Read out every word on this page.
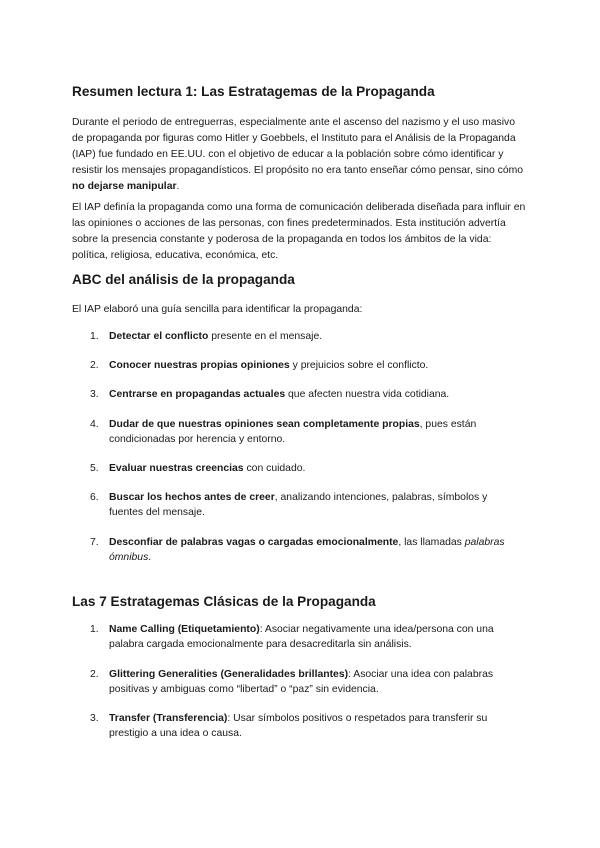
Resumen lectura 1: Las Estratagemas de la Propaganda

Durante el periodo de entreguerras, especialmente ante el ascenso del nazismo y el uso masivo de propaganda por figuras como Hitler y Goebbels, el Instituto para el Análisis de la Propaganda (IAP) fue fundado en EE.UU. con el objetivo de educar a la población sobre cómo identificar y resistir los mensajes propagandísticos. El propósito no era tanto enseñar cómo pensar, sino cómo no dejarse manipular.

El IAP definía la propaganda como una forma de comunicación deliberada diseñada para influir en las opiniones o acciones de las personas, con fines predeterminados. Esta institución advertía sobre la presencia constante y poderosa de la propaganda en todos los ámbitos de la vida: política, religiosa, educativa, económica, etc.

ABC del análisis de la propaganda

El IAP elaboró una guía sencilla para identificar la propaganda:

1. Detectar el conflicto presente en el mensaje.
2. Conocer nuestras propias opiniones y prejuicios sobre el conflicto.
3. Centrarse en propagandas actuales que afecten nuestra vida cotidiana.
4. Dudar de que nuestras opiniones sean completamente propias, pues están condicionadas por herencia y entorno.
5. Evaluar nuestras creencias con cuidado.
6. Buscar los hechos antes de creer, analizando intenciones, palabras, símbolos y fuentes del mensaje.
7. Desconfiar de palabras vagas o cargadas emocionalmente, las llamadas palabras ómnibus.
Las 7 Estratagemas Clásicas de la Propaganda
1. Name Calling (Etiquetamiento): Asociar negativamente una idea/persona con una palabra cargada emocionalmente para desacreditarla sin análisis.
2. Glittering Generalities (Generalidades brillantes): Asociar una idea con palabras positivas y ambiguas como “libertad” o “paz” sin evidencia.
3. Transfer (Transferencia): Usar símbolos positivos o respetados para transferir su prestigio a una idea o causa.
